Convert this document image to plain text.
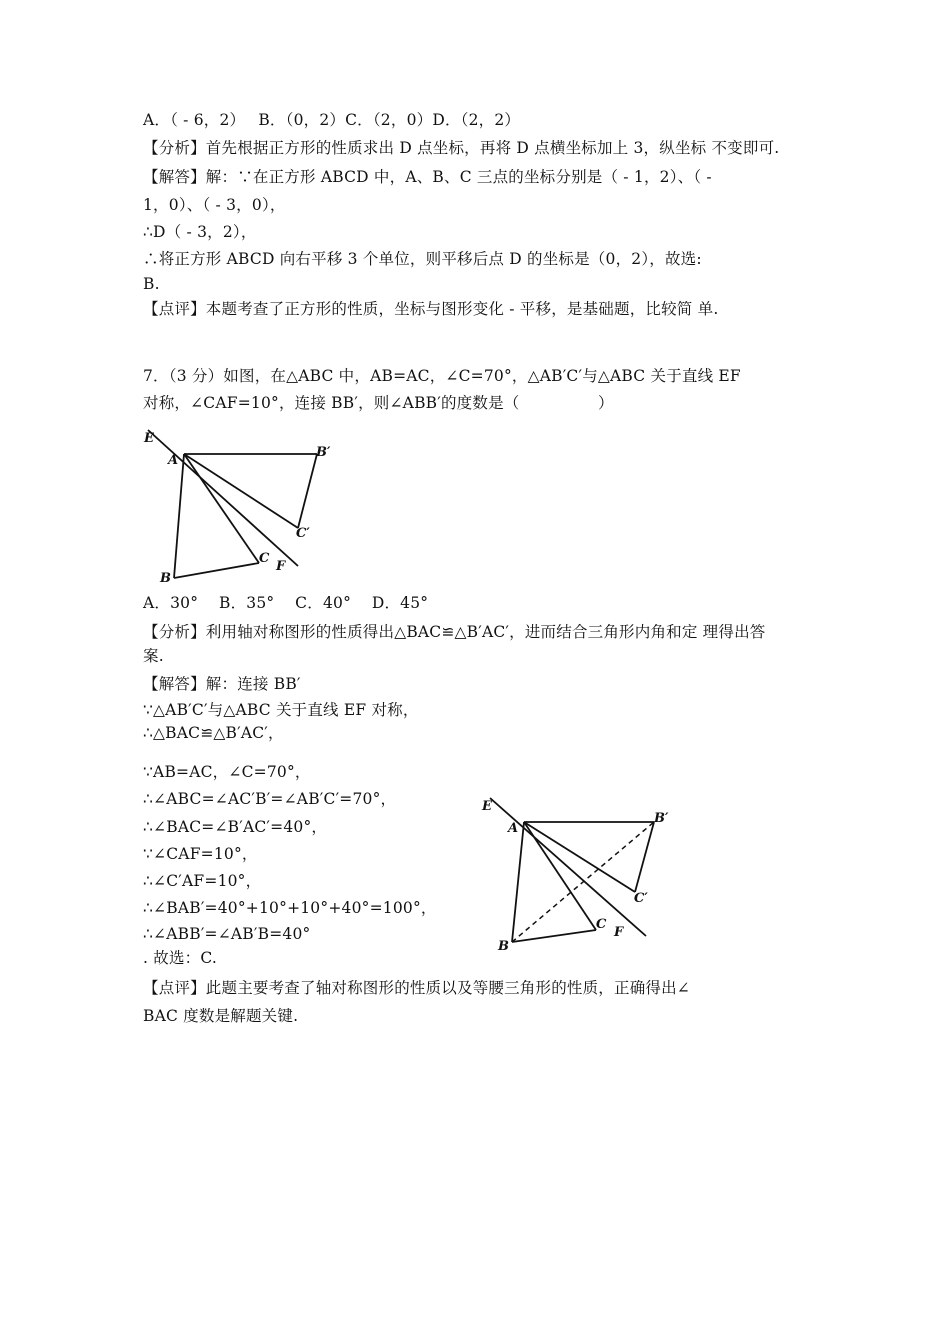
A．（ - 6，2）　 B．（0，2）C．（2，0）D．（2，2）
【分析】首先根据正方形的性质求出 D 点坐标，再将 D 点横坐标加上 3，纵坐标 不变即可.
【解答】解：∵在正方形 ABCD 中，A、B、C 三点的坐标分别是（ - 1，2）、（ -
1，0）、（ - 3，0），
∴D（ - 3，2），
∴将正方形 ABCD 向右平移 3 个单位，则平移后点 D 的坐标是（0，2），故选:
B.
【点评】本题考查了正方形的性质，坐标与图形变化 - 平移，是基础题，比较简 单.
7．（3 分）如图，在△ABC 中，AB=AC，∠C=70°，△AB′C′与△ABC 关于直线 EF
对称，∠CAF=10°，连接 BB′，则∠ABB′的度数是（　　　　　）
E
A
B′
C′
C
F
B
A．30°　 B．35°　 C．40°　 D．45°
【分析】利用轴对称图形的性质得出△BAC≌△B′AC′，进而结合三角形内角和定 理得出答
案.
【解答】解：连接 BB′
∵△AB′C′与△ABC 关于直线 EF 对称，
∴△BAC≌△B′AC′，
∵AB=AC，∠C=70°，
∴∠ABC=∠AC′B′=∠AB′C′=70°，
∴∠BAC=∠B′AC′=40°，
∵∠CAF=10°，
∴∠C′AF=10°，
∴∠BAB′=40°+10°+10°+40°=100°，
∴∠ABB′=∠AB′B=40°
. 故选：C.
E
A
B′
C′
C
F
B
【点评】此题主要考查了轴对称图形的性质以及等腰三角形的性质，正确得出∠
BAC 度数是解题关键.
